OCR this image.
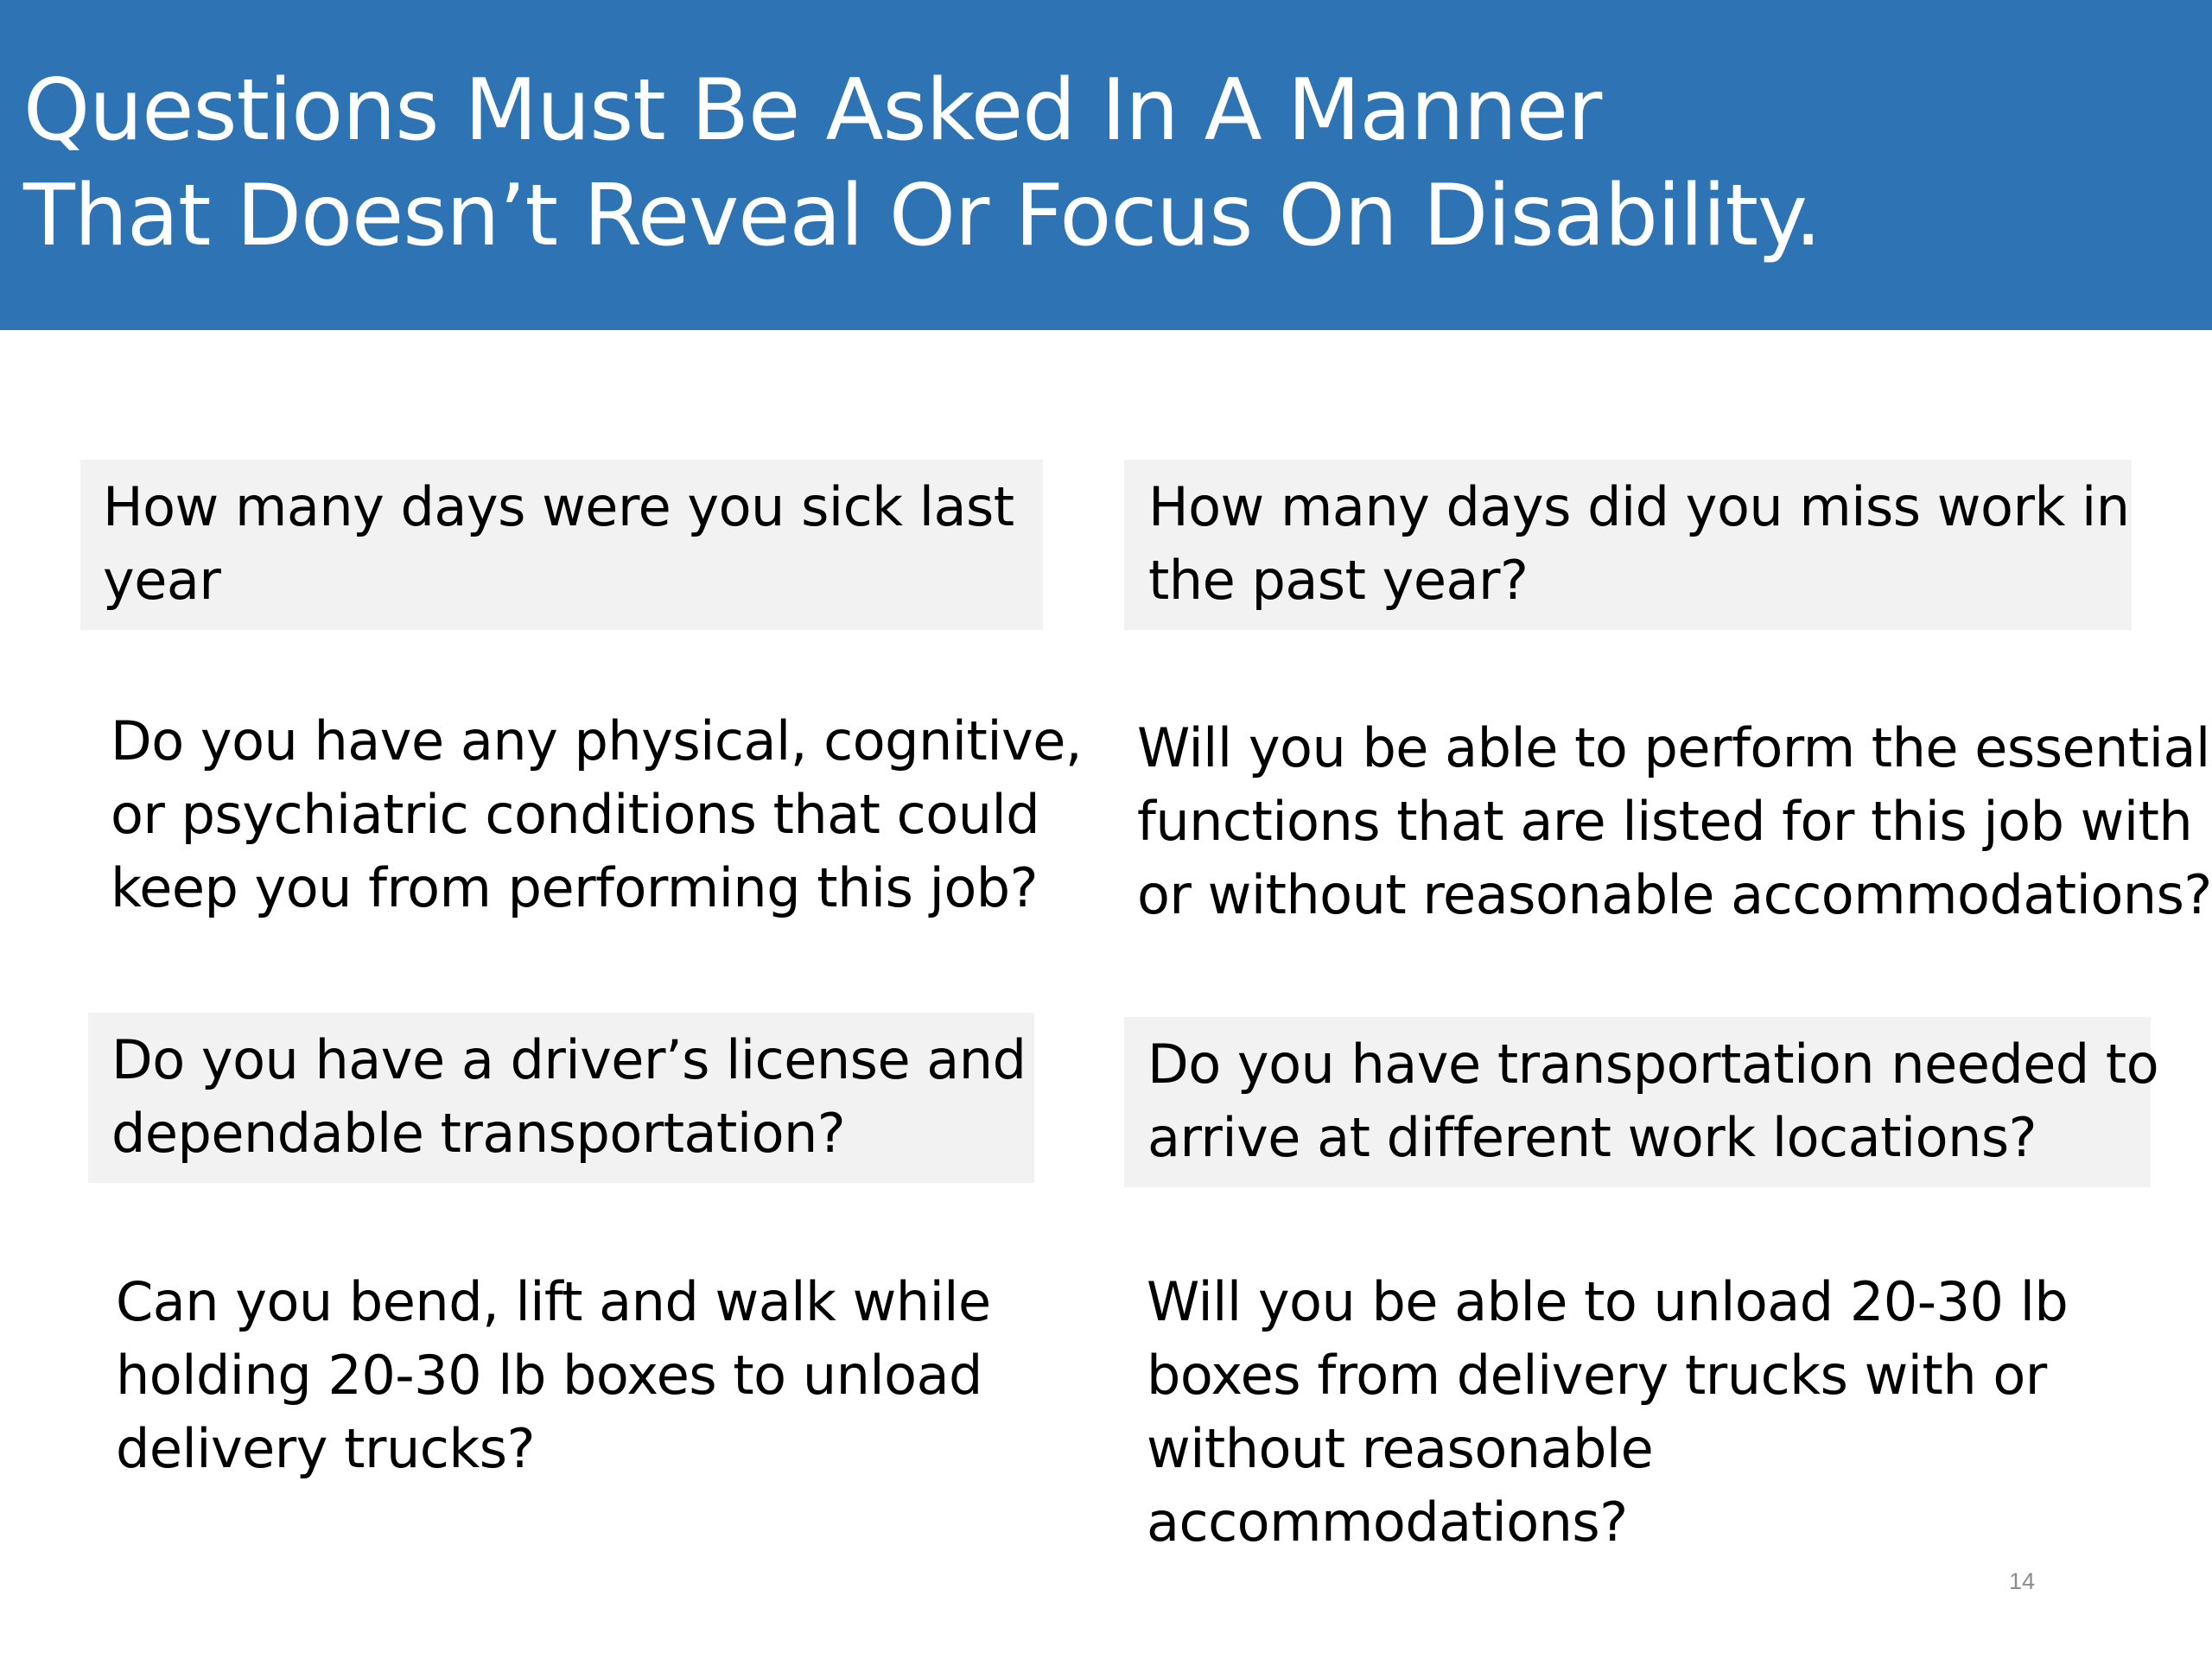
Questions Must Be Asked In A Manner
That Doesn’t Reveal Or Focus On Disability.
How many days were you sick last
year
How many days did you miss work in
the past year?
Do you have any physical, cognitive,
or psychiatric conditions that could
keep you from performing this job?
Will you be able to perform the essential
functions that are listed for this job with
or without reasonable accommodations?
Do you have a driver’s license and
dependable transportation?
Do you have transportation needed to
arrive at different work locations?
Can you bend, lift and walk while
holding 20-30 lb boxes to unload
delivery trucks?
Will you be able to unload 20-30 lb
boxes from delivery trucks with or
without reasonable
accommodations?
14
